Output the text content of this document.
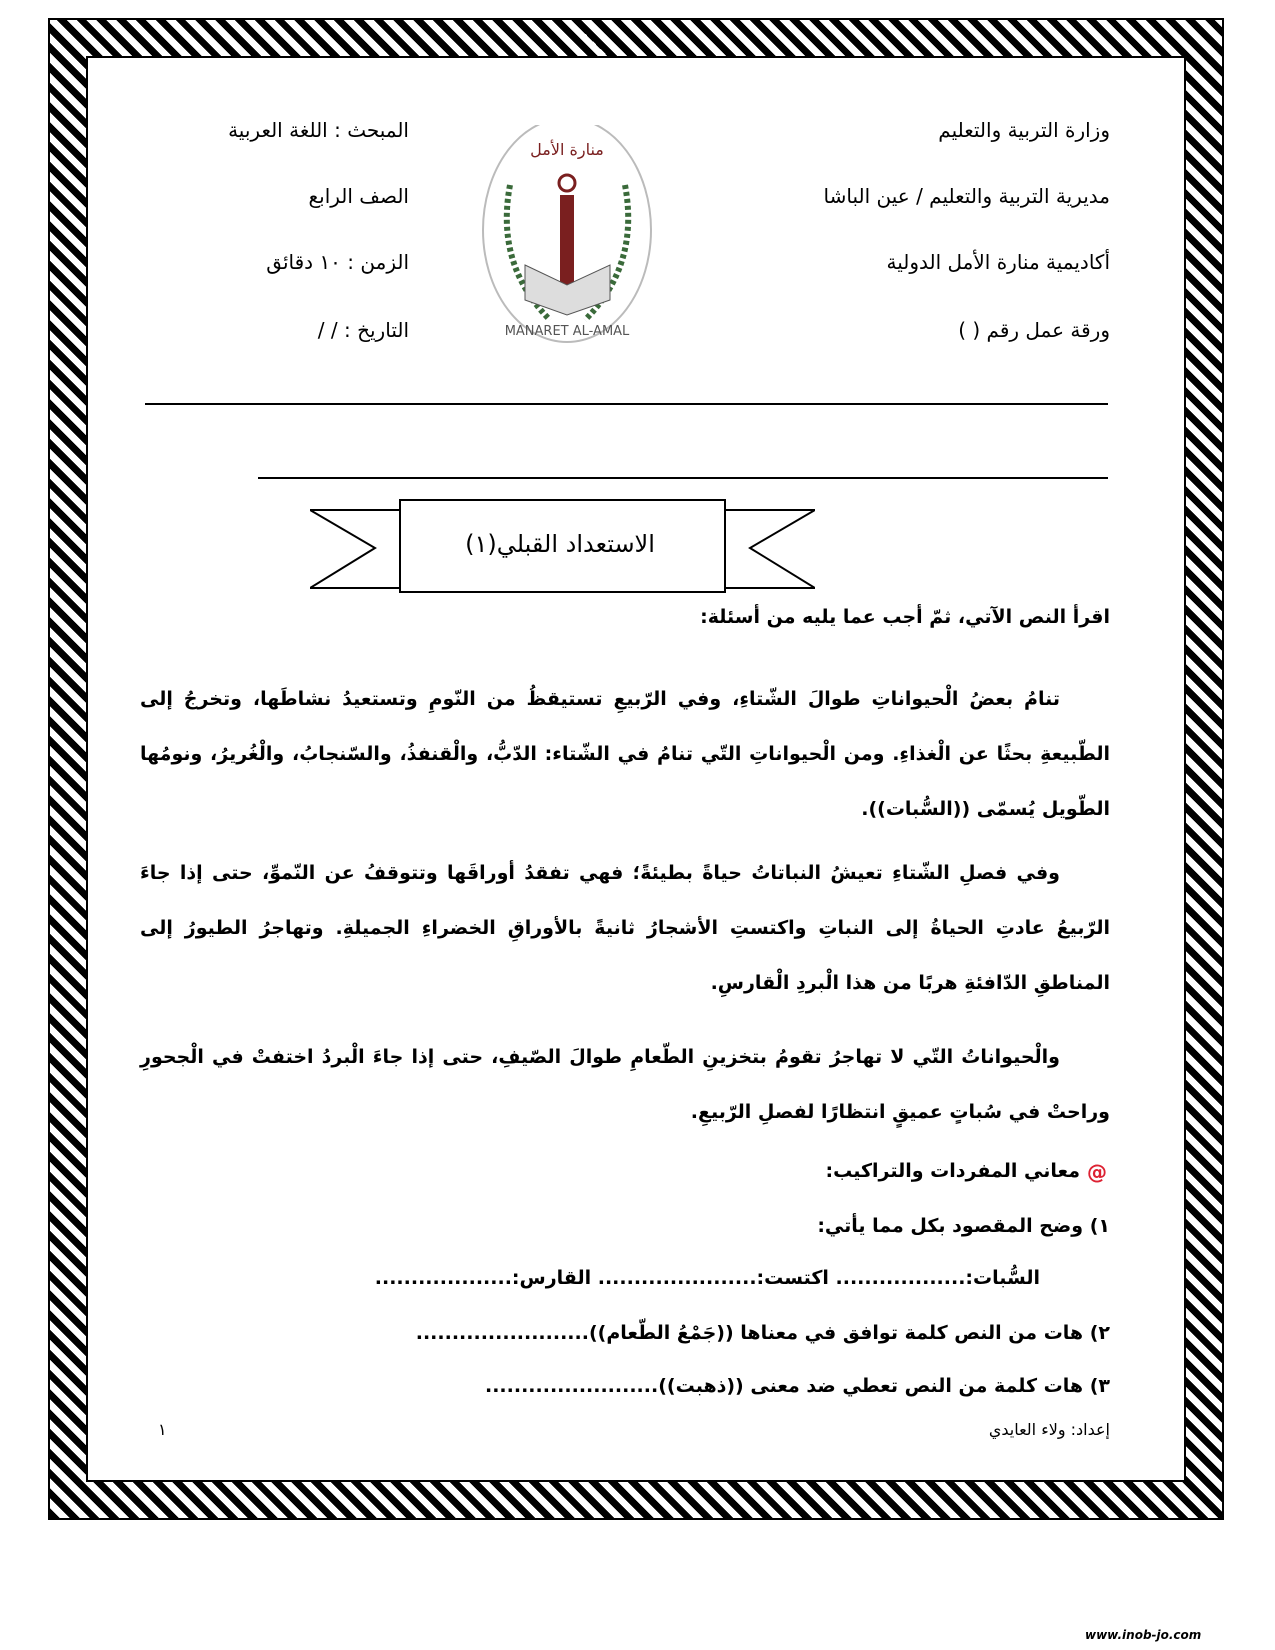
وزارة التربية والتعليم
مديرية التربية والتعليم / عين الباشا
أكاديمية منارة الأمل الدولية
ورقة عمل رقم ( )
المبحث : اللغة العربية
الصف الرابع
الزمن : ١٠ دقائق
التاريخ : / /
منارة الأمل
MANARET AL-AMAL
الاستعداد القبلي(١)
اقرأ النص الآتي، ثمّ أجب عما يليه من أسئلة:
تنامُ بعضُ الْحيواناتِ طوالَ الشّتاءِ، وفي الرّبيعِ تستيقظُ من النّومِ وتستعيدُ نشاطَها، وتخرجُ إلى الطّبيعةِ بحثًا عن الْغذاءِ. ومن الْحيواناتِ التّي تنامُ في الشّتاء: الدّبُّ، والْقنفذُ، والسّنجابُ، والْغُريرُ، ونومُها الطّويل يُسمّى ((السُّبات)).
وفي فصلِ الشّتاءِ تعيشُ النباتاتُ حياةً بطيئةً؛ فهي تفقدُ أوراقَها وتتوقفُ عن النّموِّ، حتى إذا جاءَ الرّبيعُ عادتِ الحياةُ إلى النباتِ واكتستِ الأشجارُ ثانيةً بالأوراقِ الخضراءِ الجميلةِ. وتهاجرُ الطيورُ إلى المناطقِ الدّافئةِ هربًا من هذا الْبردِ الْقارسِ.
والْحيواناتُ التّي لا تهاجرُ تقومُ بتخزينِ الطّعامِ طوالَ الصّيفِ، حتى إذا جاءَ الْبردُ اختفتْ في الْجحورِ وراحتْ في سُباتٍ عميقٍ انتظارًا لفصلِ الرّبيعِ.
@
معاني المفردات والتراكيب:
١) وضح المقصود بكل مما يأتي:
السُّبات:.................. اكتست:...................... القارس:...................
٢) هات من النص كلمة توافق في معناها ((جَمْعُ الطّعام))........................
٣) هات كلمة من النص تعطي ضد معنى ((ذهبت))........................
إعداد: ولاء العايدي
١
www.inob-jo.com
